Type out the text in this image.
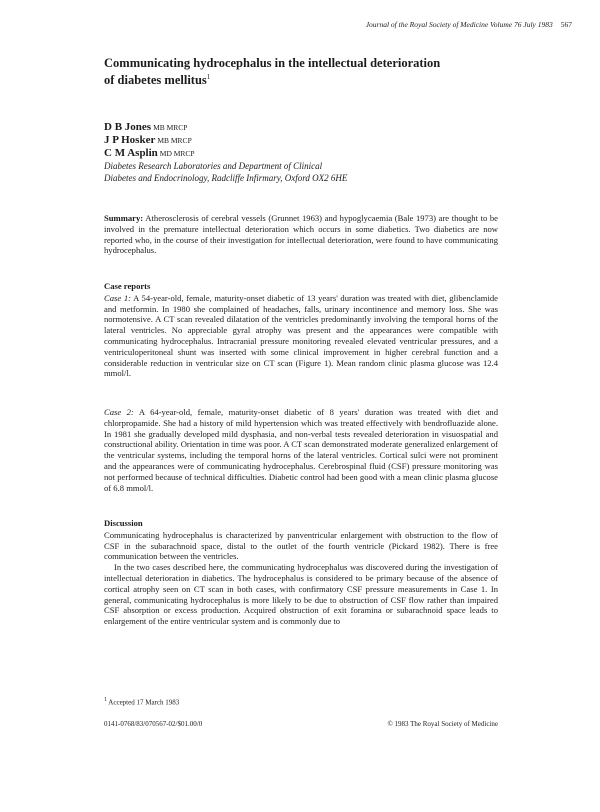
Journal of the Royal Society of Medicine Volume 76 July 1983 567
Communicating hydrocephalus in the intellectual deterioration of diabetes mellitus$^1$
D B Jones MB MRCP
J P Hosker MB MRCP
C M Asplin MD MRCP
Diabetes Research Laboratories and Department of Clinical
Diabetes and Endocrinology, Radcliffe Infirmary, Oxford OX2 6HE
Summary: Atherosclerosis of cerebral vessels (Grunnet 1963) and hypoglycaemia (Bale 1973) are thought to be involved in the premature intellectual deterioration which occurs in some diabetics. Two diabetics are now reported who, in the course of their investigation for intellectual deterioration, were found to have communicating hydrocephalus.
Case reports

Case 1: A 54-year-old, female, maturity-onset diabetic of 13 years' duration was treated with diet, glibenclamide and metformin. In 1980 she complained of headaches, falls, urinary incontinence and memory loss. She was normotensive. A CT scan revealed dilatation of the ventricles predominantly involving the temporal horns of the lateral ventricles. No appreciable gyral atrophy was present and the appearances were compatible with communicating hydrocephalus. Intracranial pressure monitoring revealed elevated ventricular pressures, and a ventriculoperitoneal shunt was inserted with some clinical improvement in higher cerebral function and a considerable reduction in ventricular size on CT scan (Figure 1). Mean random clinic plasma glucose was 12.4 mmol/l.

Case 2: A 64-year-old, female, maturity-onset diabetic of 8 years' duration was treated with diet and chlorpropamide. She had a history of mild hypertension which was treated effectively with bendrofluazide alone. In 1981 she gradually developed mild dysphasia, and non-verbal tests revealed deterioration in visuospatial and constructional ability. Orientation in time was poor. A CT scan demonstrated moderate generalized enlargement of the ventricular systems, including the temporal horns of the lateral ventricles. Cortical sulci were not prominent and the appearances were of communicating hydrocephalus. Cerebrospinal fluid (CSF) pressure monitoring was not performed because of technical difficulties. Diabetic control had been good with a mean clinic plasma glucose of 6.8 mmol/l.

Discussion

Communicating hydrocephalus is characterized by panventricular enlargement with obstruction to the flow of CSF in the subarachnoid space, distal to the outlet of the fourth ventricle (Pickard 1982). There is free communication between the ventricles.

In the two cases described here, the communicating hydrocephalus was discovered during the investigation of intellectual deterioration in diabetics. The hydrocephalus is considered to be primary because of the absence of cortical atrophy seen on CT scan in both cases, with confirmatory CSF pressure measurements in Case 1. In general, communicating hydrocephalus is more likely to be due to obstruction of CSF flow rather than impaired CSF absorption or excess production. Acquired obstruction of exit foramina or subarachnoid space leads to enlargement of the entire ventricular system and is commonly due to

$^1$ Accepted 17 March 1983
0141-0768/83/070567-02/$01.00/0	© 1983 The Royal Society of Medicine
